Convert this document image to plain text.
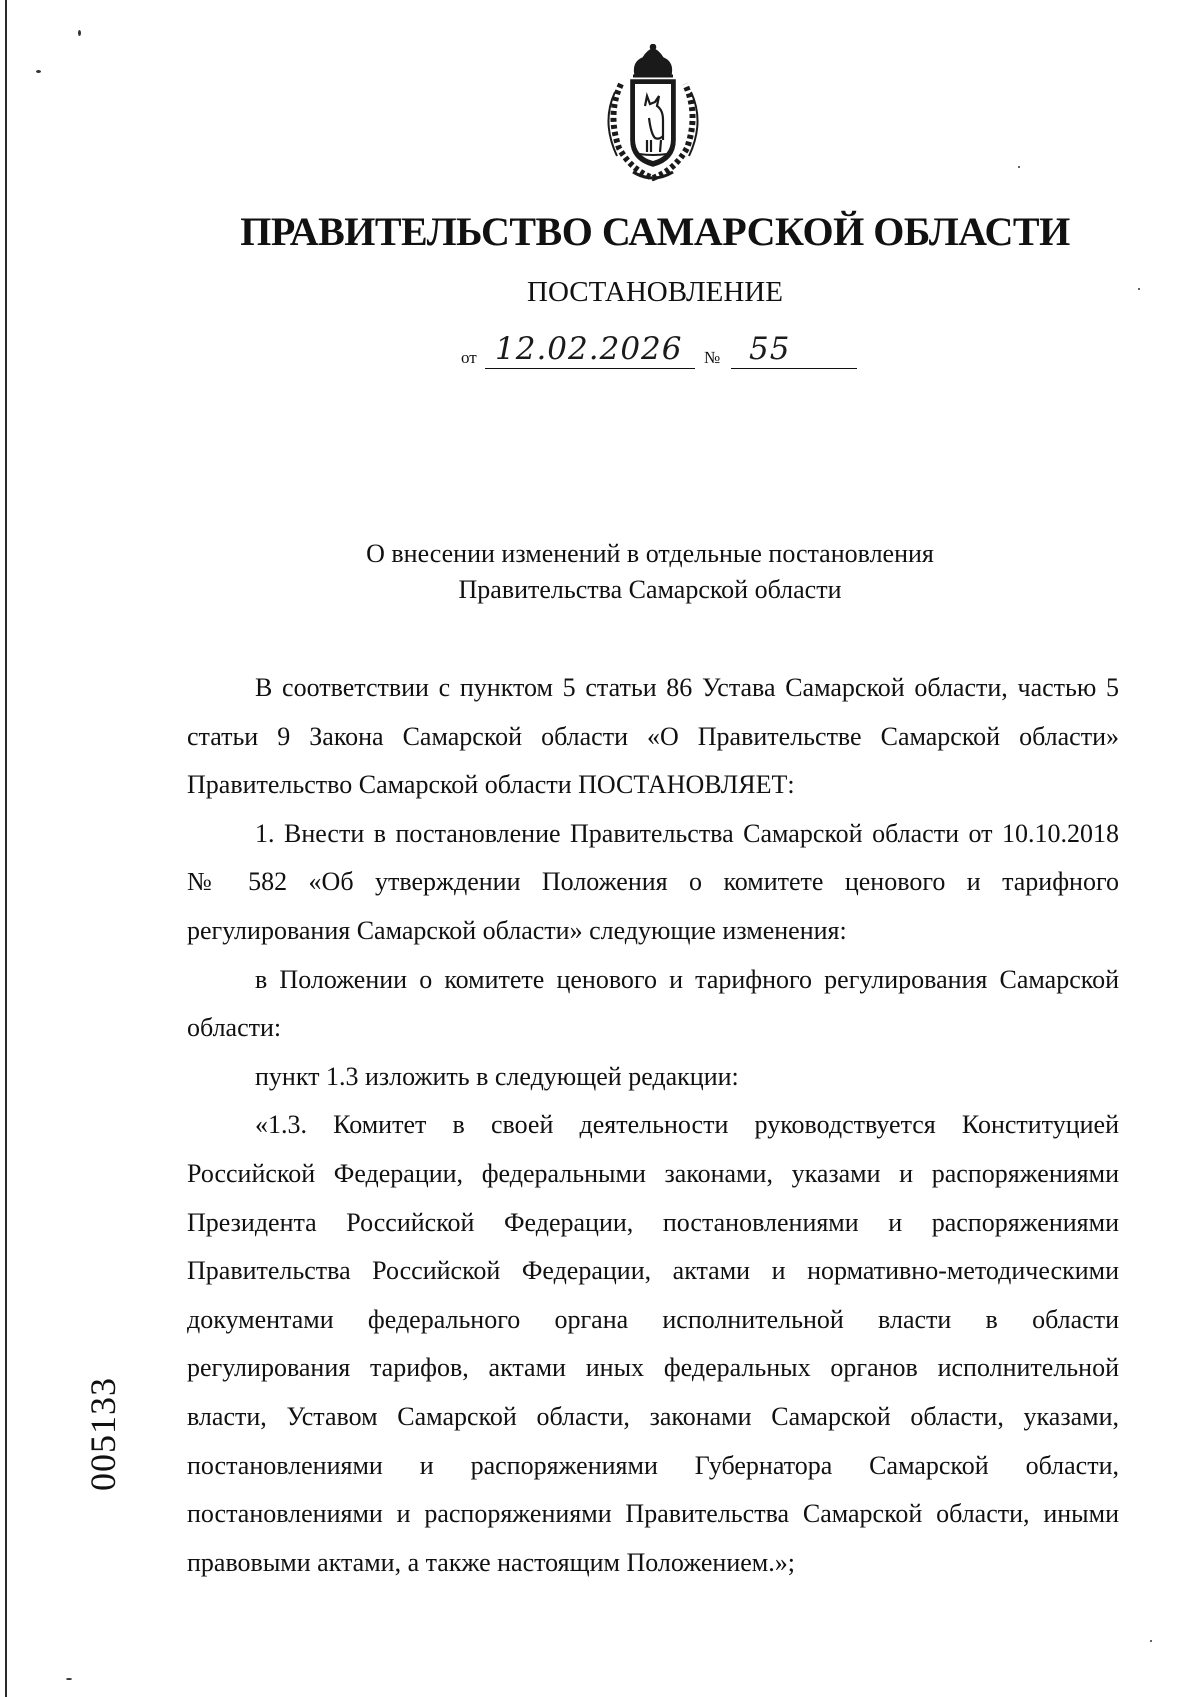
ПРАВИТЕЛЬСТВО САМАРСКОЙ ОБЛАСТИ
ПОСТАНОВЛЕНИЕ
от 12.02.2026 № 55
О внесении изменений в отдельные постановления
Правительства Самарской области

В соответствии с пунктом 5 статьи 86 Устава Самарской области, частью 5 статьи 9 Закона Самарской области «О Правительстве Самарской области» Правительство Самарской области ПОСТАНОВЛЯЕТ:

1. Внести в постановление Правительства Самарской области от 10.10.2018 № 582 «Об утверждении Положения о комитете ценового и тарифного регулирования Самарской области» следующие изменения:

в Положении о комитете ценового и тарифного регулирования Самарской области:

пункт 1.3 изложить в следующей редакции:

«1.3. Комитет в своей деятельности руководствуется Конституцией Российской Федерации, федеральными законами, указами и распоряжениями Президента Российской Федерации, постановлениями и распоряжениями Правительства Российской Федерации, актами и нормативно-методическими документами федерального органа исполнительной власти в области регулирования тарифов, актами иных федеральных органов исполнительной власти, Уставом Самарской области, законами Самарской области, указами, постановлениями и распоряжениями Губернатора Самарской области, постановлениями и распоряжениями Правительства Самарской области, иными правовыми актами, а также настоящим Положением.»;

005133
